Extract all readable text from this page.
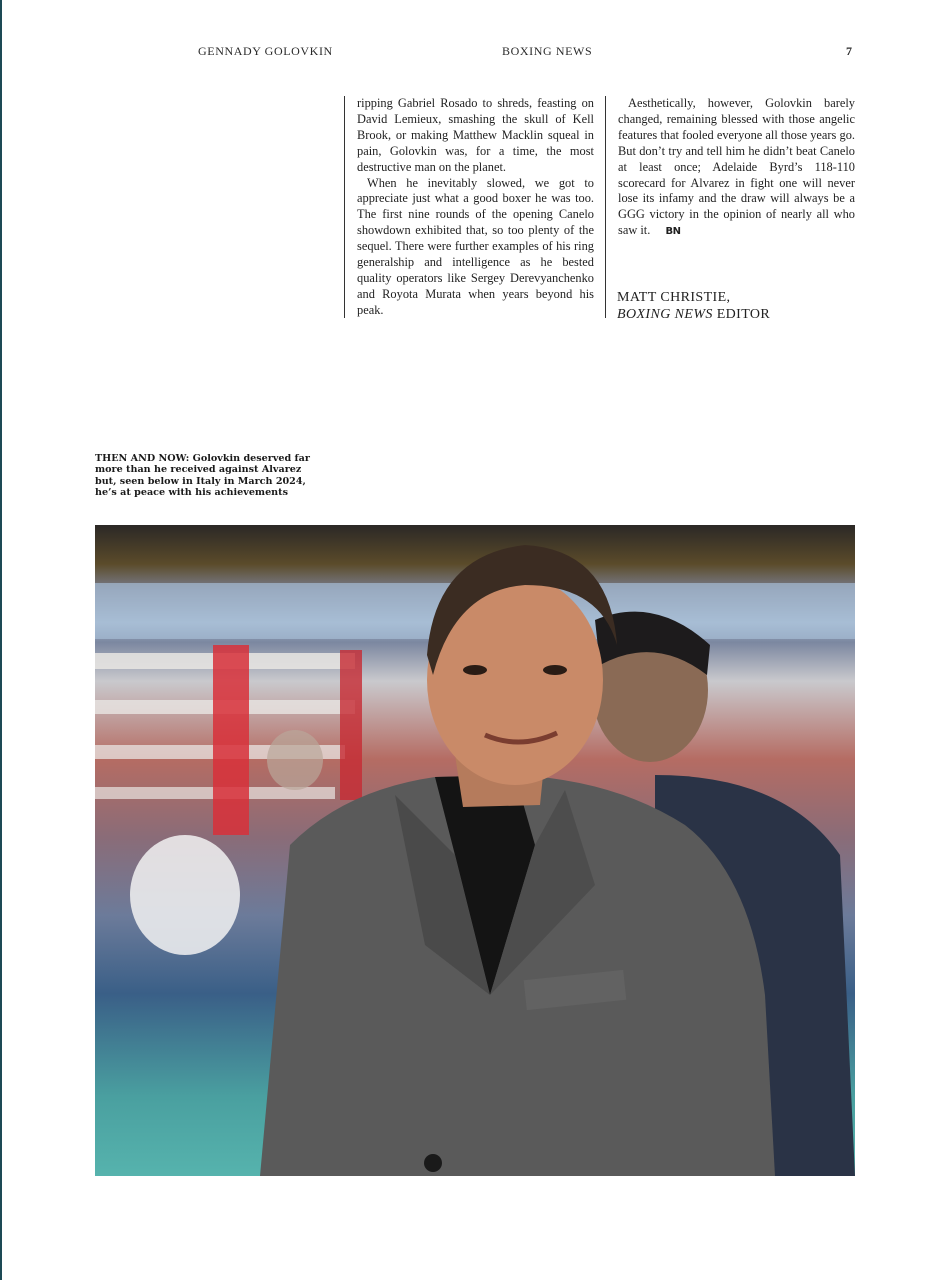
GENNADY GOLOVKIN	BOXING NEWS	7

ripping Gabriel Rosado to shreds, feasting on David Lemieux, smashing the skull of Kell Brook, or making Matthew Macklin squeal in pain, Golovkin was, for a time, the most destructive man on the planet.

When he inevitably slowed, we got to appreciate just what a good boxer he was too. The first nine rounds of the opening Canelo showdown exhibited that, so too plenty of the sequel. There were further examples of his ring generalship and intelligence as he bested quality operators like Sergey Derevyanchenko and Royota Murata when years beyond his peak.

Aesthetically, however, Golovkin barely changed, remaining blessed with those angelic features that fooled everyone all those years go. But don’t try and tell him he didn’t beat Canelo at least once; Adelaide Byrd’s 118-110 scorecard for Alvarez in fight one will never lose its infamy and the draw will always be a GGG victory in the opinion of nearly all who saw it. BN

MATT CHRISTIE,
BOXING NEWS EDITOR
THEN AND NOW: Golovkin deserved far more than he received against Alvarez but, seen below in Italy in March 2024, he’s at peace with his achievements
